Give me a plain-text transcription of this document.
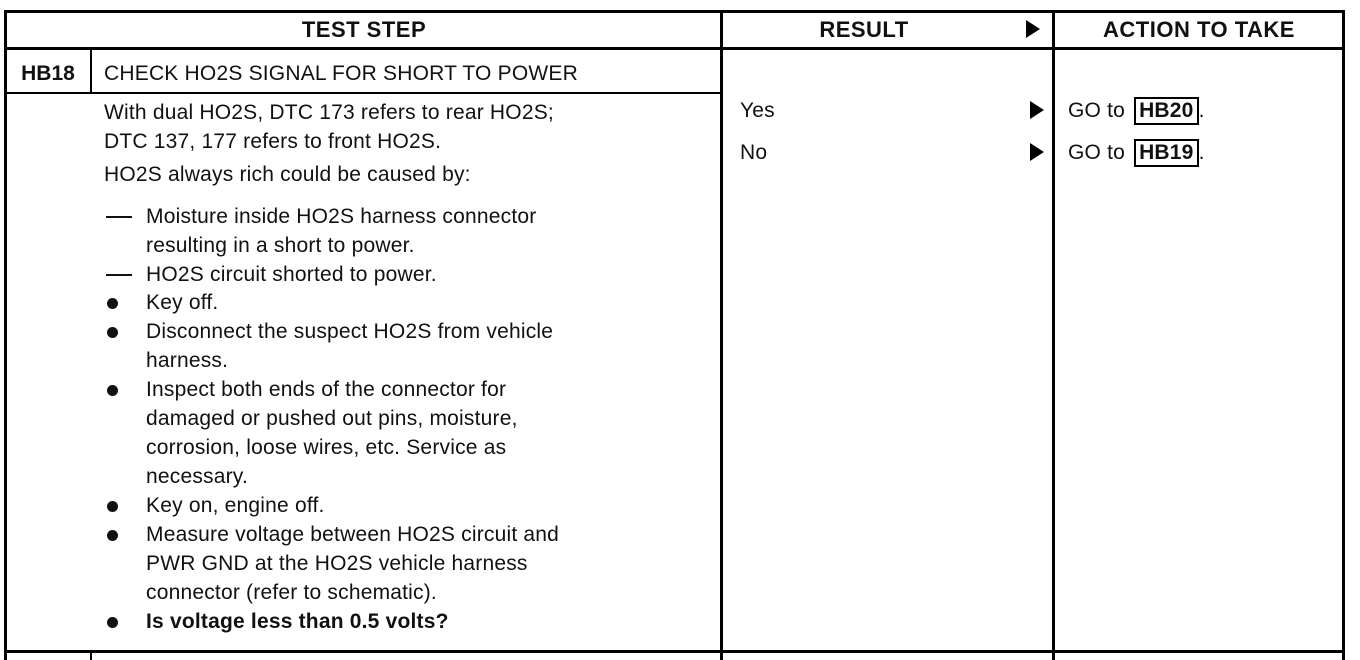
TEST STEP	RESULT	ACTION TO TAKE
HB18	CHECK HO2S SIGNAL FOR SHORT TO POWER
With dual HO2S, DTC 173 refers to rear HO2S;
DTC 137, 177 refers to front HO2S.
HO2S always rich could be caused by:
Moisture inside HO2S harness connector
resulting in a short to power.
HO2S circuit shorted to power.
Key off.
Disconnect the suspect HO2S from vehicle
harness.
Inspect both ends of the connector for
damaged or pushed out pins, moisture,
corrosion, loose wires, etc. Service as
necessary.
Key on, engine off.
Measure voltage between HO2S circuit and
PWR GND at the HO2S vehicle harness
connector (refer to schematic).
Is voltage less than 0.5 volts?
Yes	GO to HB20 .
No	GO to HB19 .
